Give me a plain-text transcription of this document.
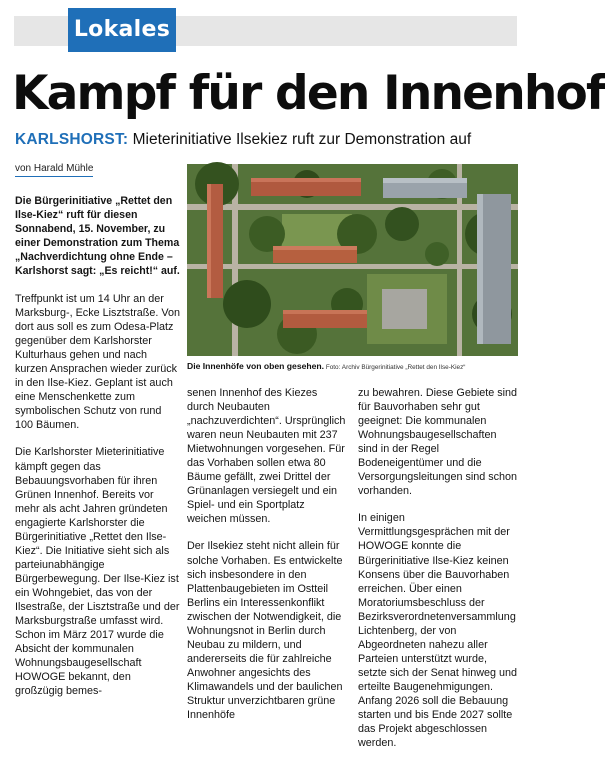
Lokales
Kampf für den Innenhof
KARLSHORST: Mieterinitiative Ilsekiez ruft zur Demonstration auf
von Harald Mühle

Die Bürgerinitiative „Rettet den Ilse-Kiez“ ruft für diesen Sonnabend, 15. November, zu einer Demonstration zum Thema „Nachverdichtung ohne Ende – Karlshorst sagt: „Es reicht!“ auf.

Treffpunkt ist um 14 Uhr an der Marksburg-, Ecke Lisztstraße. Von dort aus soll es zum Odesa-Platz gegenüber dem Karlshorster Kulturhaus gehen und nach kurzen Ansprachen wieder zurück in den Ilse-Kiez. Geplant ist auch eine Menschenkette zum symbolischen Schutz von rund 100 Bäumen.

Die Karlshorster Mieterinitiative kämpft gegen das Bebauungsvorhaben für ihren Grünen Innenhof. Bereits vor mehr als acht Jahren gründeten engagierte Karlshorster die Bürgerinitiative „Rettet den Ilse-Kiez“. Die Initiative sieht sich als parteiunabhängige Bürgerbewegung. Der Ilse-Kiez ist ein Wohngebiet, das von der Ilsestraße, der Lisztstraße und der Marksburgstraße umfasst wird. Schon im März 2017 wurde die Absicht der kommunalen Wohnungsbaugesellschaft HOWOGE bekannt, den großzügig bemes-

Die Innenhöfe von oben gesehen. Foto: Archiv Bürgerinitiative „Rettet den Ilse-Kiez“

senen Innenhof des Kiezes durch Neubauten „nachzuverdichten“. Ursprünglich waren neun Neubauten mit 237 Mietwohnungen vorgesehen. Für das Vorhaben sollen etwa 80 Bäume gefällt, zwei Drittel der Grünanlagen versiegelt und ein Spiel- und ein Sportplatz weichen müssen.

Der Ilsekiez steht nicht allein für solche Vorhaben. Es entwickelte sich insbesondere in den Plattenbaugebieten im Ostteil Berlins ein Interessenkonflikt zwischen der Notwendigkeit, die Wohnungsnot in Berlin durch Neubau zu mildern, und andererseits die für zahlreiche Anwohner angesichts des Klimawandels und der baulichen Struktur unverzichtbaren grüne Innenhöfe

zu bewahren. Diese Gebiete sind für Bauvorhaben sehr gut geeignet: Die kommunalen Wohnungsbaugesellschaften sind in der Regel Bodeneigentümer und die Versorgungsleitungen sind schon vorhanden.

In einigen Vermittlungsgesprächen mit der HOWOGE konnte die Bürgerinitiative Ilse-Kiez keinen Konsens über die Bauvorhaben erreichen. Über einen Moratoriumsbeschluss der Bezirksverordnetenversammlung Lichtenberg, der von Abgeordneten nahezu aller Parteien unterstützt wurde, setzte sich der Senat hinweg und erteilte Baugenehmigungen. Anfang 2026 soll die Bebauung starten und bis Ende 2027 sollte das Projekt abgeschlossen werden.
